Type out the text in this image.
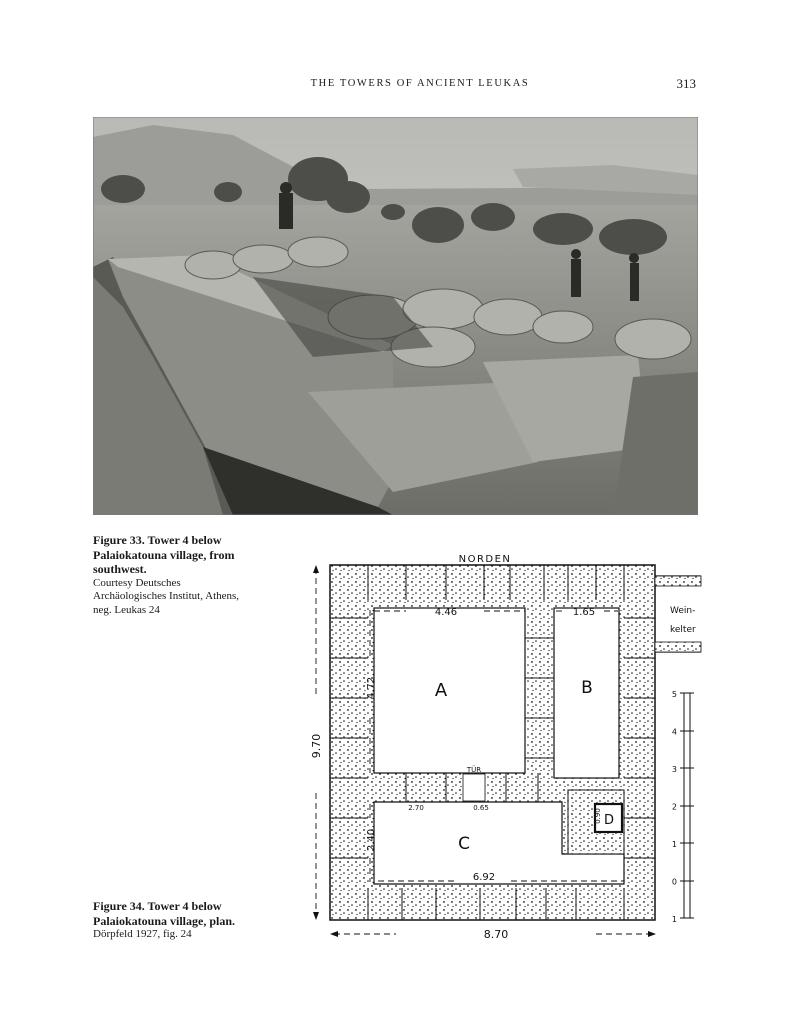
THE TOWERS OF ANCIENT LEUKAS	313
Figure 33. Tower 4 below Palaiokatouna village, from southwest.
Courtesy Deutsches Archäologisches Institut, Athens, neg. Leukas 24
Figure 34. Tower 4 below Palaiokatouna village, plan.
Dörpfeld 1927, fig. 24
NORDEN
Wein-
kelter
A	B
C
D
TÜR
4.46	1.65
4.72
9.70
2.40
2.70	0.65
0.90
6.92
8.70
5
4
3
2
1
0
1
